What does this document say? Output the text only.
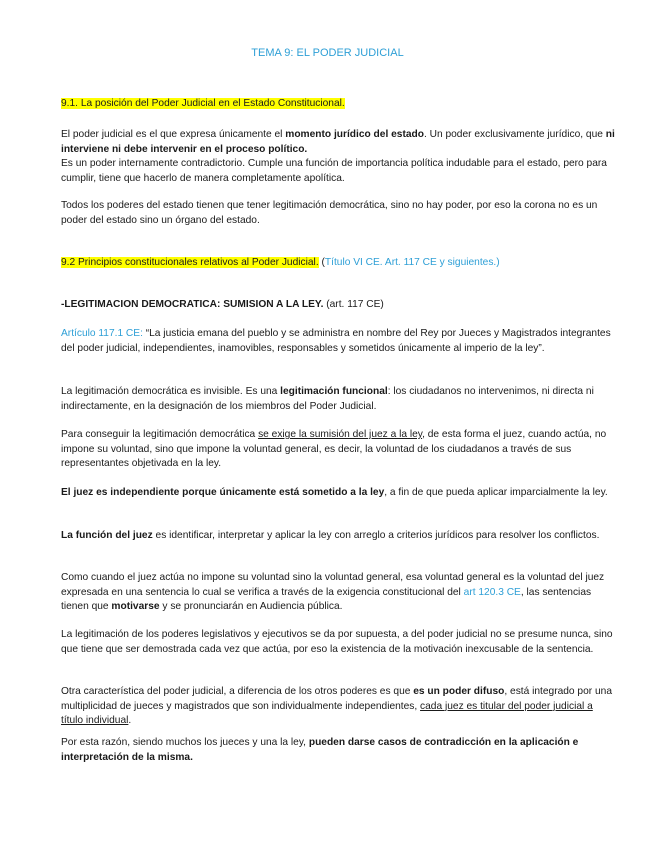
TEMA 9: EL PODER JUDICIAL

9.1. La posición del Poder Judicial en el Estado Constitucional.

El poder judicial es el que expresa únicamente el momento jurídico del estado. Un poder exclusivamente jurídico, que ni interviene ni debe intervenir en el proceso político.
Es un poder internamente contradictorio. Cumple una función de importancia política indudable para el estado, pero para cumplir, tiene que hacerlo de manera completamente apolítica.

Todos los poderes del estado tienen que tener legitimación democrática, sino no hay poder, por eso la corona no es un poder del estado sino un órgano del estado.

9.2 Principios constitucionales relativos al Poder Judicial. (Título VI CE. Art. 117 CE y siguientes.)

-LEGITIMACION DEMOCRATICA: SUMISION A LA LEY. (art. 117 CE)

Artículo 117.1 CE: “La justicia emana del pueblo y se administra en nombre del Rey por Jueces y Magistrados integrantes del poder judicial, independientes, inamovibles, responsables y sometidos únicamente al imperio de la ley”.

La legitimación democrática es invisible. Es una legitimación funcional: los ciudadanos no intervenimos, ni directa ni indirectamente, en la designación de los miembros del Poder Judicial.

Para conseguir la legitimación democrática se exige la sumisión del juez a la ley, de esta forma el juez, cuando actúa, no impone su voluntad, sino que impone la voluntad general, es decir, la voluntad de los ciudadanos a través de sus representantes objetivada en la ley.

El juez es independiente porque únicamente está sometido a la ley, a fin de que pueda aplicar imparcialmente la ley.

La función del juez es identificar, interpretar y aplicar la ley con arreglo a criterios jurídicos para resolver los conflictos.

Como cuando el juez actúa no impone su voluntad sino la voluntad general, esa voluntad general es la voluntad del juez expresada en una sentencia lo cual se verifica a través de la exigencia constitucional del art 120.3 CE, las sentencias tienen que motivarse y se pronunciarán en Audiencia pública.

La legitimación de los poderes legislativos y ejecutivos se da por supuesta, a del poder judicial no se presume nunca, sino que tiene que ser demostrada cada vez que actúa, por eso la existencia de la motivación inexcusable de la sentencia.

Otra característica del poder judicial, a diferencia de los otros poderes es que es un poder difuso, está integrado por una multiplicidad de jueces y magistrados que son individualmente independientes, cada juez es titular del poder judicial a título individual.

Por esta razón, siendo muchos los jueces y una la ley, pueden darse casos de contradicción en la aplicación e interpretación de la misma.
